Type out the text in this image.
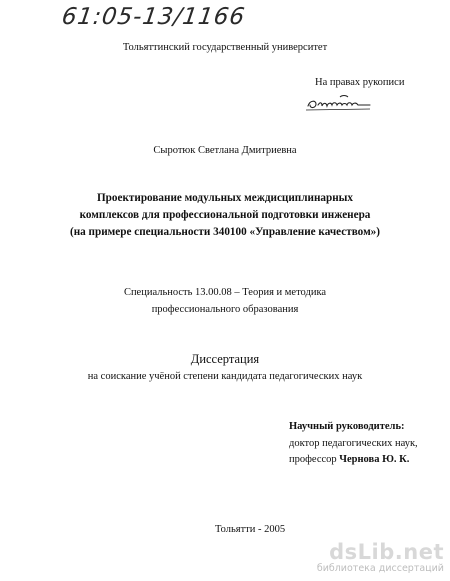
61:05-13/1166
Тольяттинский государственный университет
На правах рукописи
Сыротюк Светлана Дмитриевна
Проектирование модульных междисциплинарных
комплексов для профессиональной подготовки инженера
(на примере специальности 340100 «Управление качеством»)
Специальность 13.00.08 – Теория и методика
профессионального образования
Диссертация
на соискание учёной степени кандидата педагогических наук
Научный руководитель:
доктор педагогических наук,
профессор Чернова Ю. К.
Тольятти - 2005
dsLib.net
библиотека диссертаций
